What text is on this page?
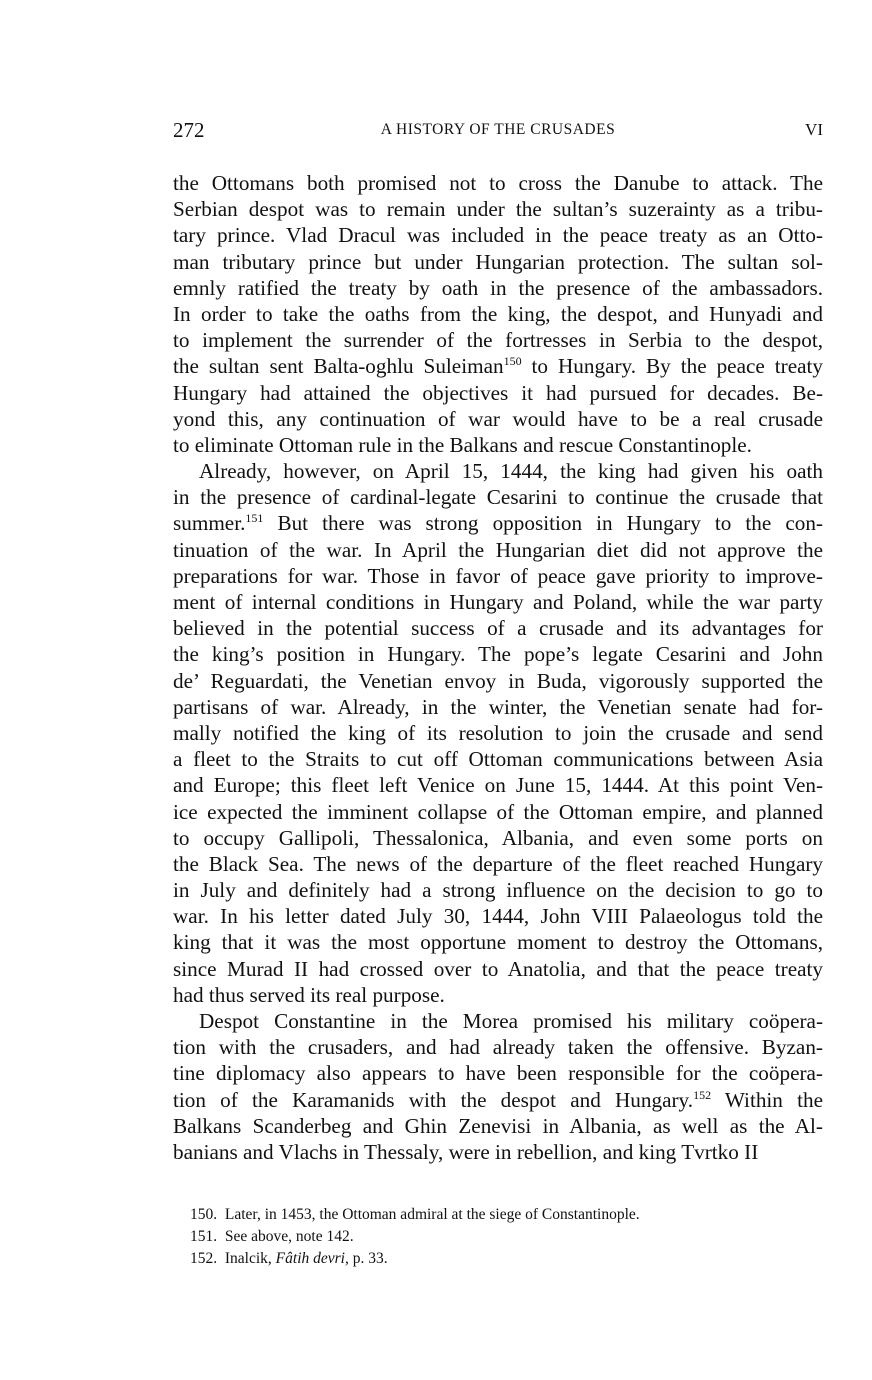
272	A HISTORY OF THE CRUSADES	VI
the Ottomans both promised not to cross the Danube to attack. The
Serbian despot was to remain under the sultan’s suzerainty as a tribu-
tary prince. Vlad Dracul was included in the peace treaty as an Otto-
man tributary prince but under Hungarian protection. The sultan sol-
emnly ratified the treaty by oath in the presence of the ambassadors.
In order to take the oaths from the king, the despot, and Hunyadi and
to implement the surrender of the fortresses in Serbia to the despot,
the sultan sent Balta-oghlu Suleiman$^{150}$ to Hungary. By the peace treaty
Hungary had attained the objectives it had pursued for decades. Be-
yond this, any continuation of war would have to be a real crusade
to eliminate Ottoman rule in the Balkans and rescue Constantinople.
Already, however, on April 15, 1444, the king had given his oath
in the presence of cardinal-legate Cesarini to continue the crusade that
summer.$^{151}$ But there was strong opposition in Hungary to the con-
tinuation of the war. In April the Hungarian diet did not approve the
preparations for war. Those in favor of peace gave priority to improve-
ment of internal conditions in Hungary and Poland, while the war party
believed in the potential success of a crusade and its advantages for
the king’s position in Hungary. The pope’s legate Cesarini and John
de’ Reguardati, the Venetian envoy in Buda, vigorously supported the
partisans of war. Already, in the winter, the Venetian senate had for-
mally notified the king of its resolution to join the crusade and send
a fleet to the Straits to cut off Ottoman communications between Asia
and Europe; this fleet left Venice on June 15, 1444. At this point Ven-
ice expected the imminent collapse of the Ottoman empire, and planned
to occupy Gallipoli, Thessalonica, Albania, and even some ports on
the Black Sea. The news of the departure of the fleet reached Hungary
in July and definitely had a strong influence on the decision to go to
war. In his letter dated July 30, 1444, John VIII Palaeologus told the
king that it was the most opportune moment to destroy the Ottomans,
since Murad II had crossed over to Anatolia, and that the peace treaty
had thus served its real purpose.
Despot Constantine in the Morea promised his military coöpera-
tion with the crusaders, and had already taken the offensive. Byzan-
tine diplomacy also appears to have been responsible for the coöpera-
tion of the Karamanids with the despot and Hungary.$^{152}$ Within the
Balkans Scanderbeg and Ghin Zenevisi in Albania, as well as the Al-
banians and Vlachs in Thessaly, were in rebellion, and king Tvrtko II
150.  Later, in 1453, the Ottoman admiral at the siege of Constantinople.
151.  See above, note 142.
152.  Inalcik, Fâtih devri, p. 33.
